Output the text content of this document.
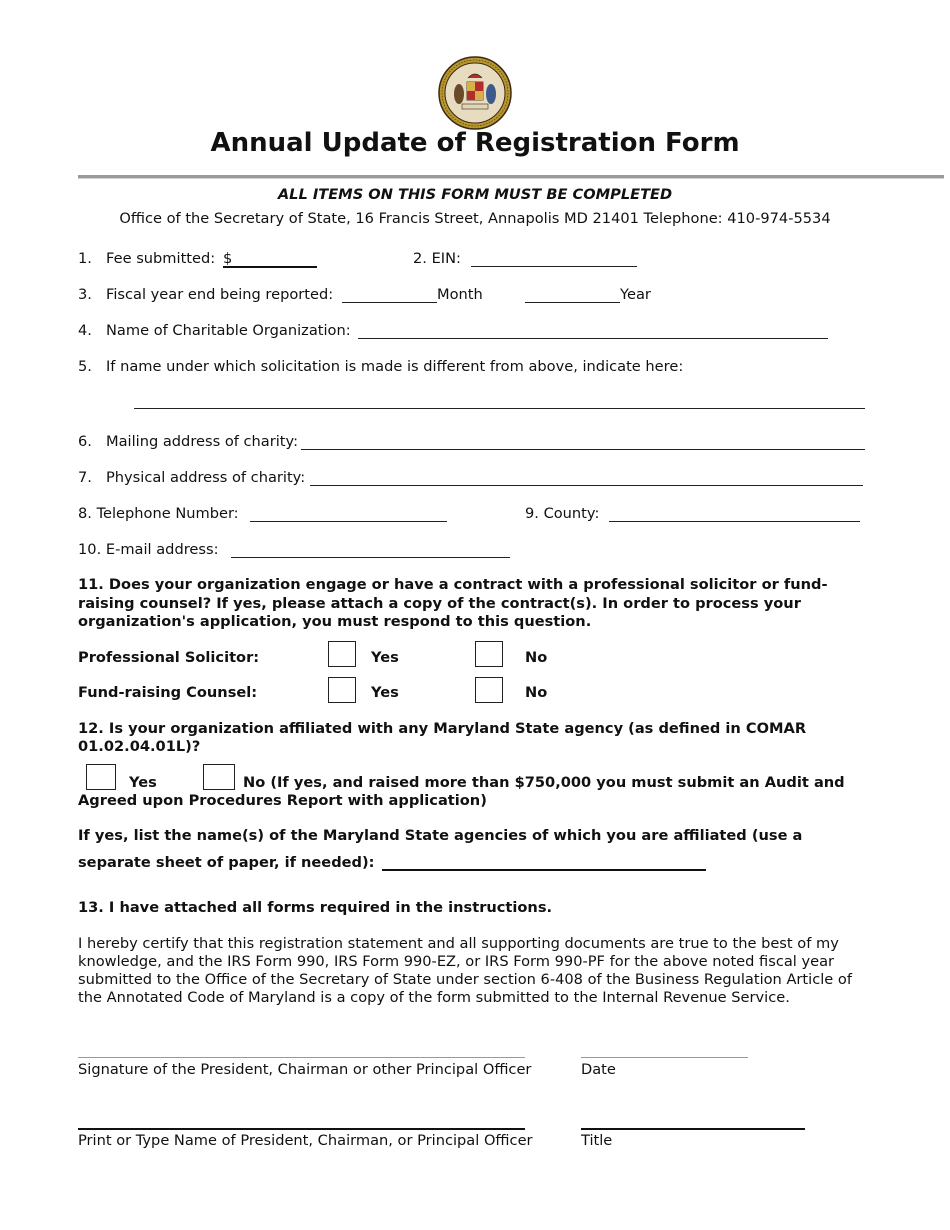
Annual Update of Registration Form
ALL ITEMS ON THIS FORM MUST BE COMPLETED
Office of the Secretary of State, 16 Francis Street, Annapolis MD 21401 Telephone: 410-974-5534
1. Fee submitted: $	2. EIN:
3. Fiscal year end being reported:	Month	Year
4. Name of Charitable Organization:
5. If name under which solicitation is made is different from above, indicate here:
6. Mailing address of charity:
7. Physical address of charity:
8. Telephone Number:	9. County:
10. E-mail address:
11. Does your organization engage or have a contract with a professional solicitor or fund-
raising counsel? If yes, please attach a copy of the contract(s). In order to process your
organization's application, you must respond to this question.
Professional Solicitor:	Yes	No
Fund-raising Counsel:	Yes	No
12. Is your organization affiliated with any Maryland State agency (as defined in COMAR
01.02.04.01L)?
Yes	No (If yes, and raised more than $750,000 you must submit an Audit and
Agreed upon Procedures Report with application)
If yes, list the name(s) of the Maryland State agencies of which you are affiliated (use a
separate sheet of paper, if needed):
13. I have attached all forms required in the instructions.
I hereby certify that this registration statement and all supporting documents are true to the best of my
knowledge, and the IRS Form 990, IRS Form 990-EZ, or IRS Form 990-PF for the above noted fiscal year
submitted to the Office of the Secretary of State under section 6-408 of the Business Regulation Article of
the Annotated Code of Maryland is a copy of the form submitted to the Internal Revenue Service.
Signature of the President, Chairman or other Principal Officer	Date
Print or Type Name of President, Chairman, or Principal Officer	Title
